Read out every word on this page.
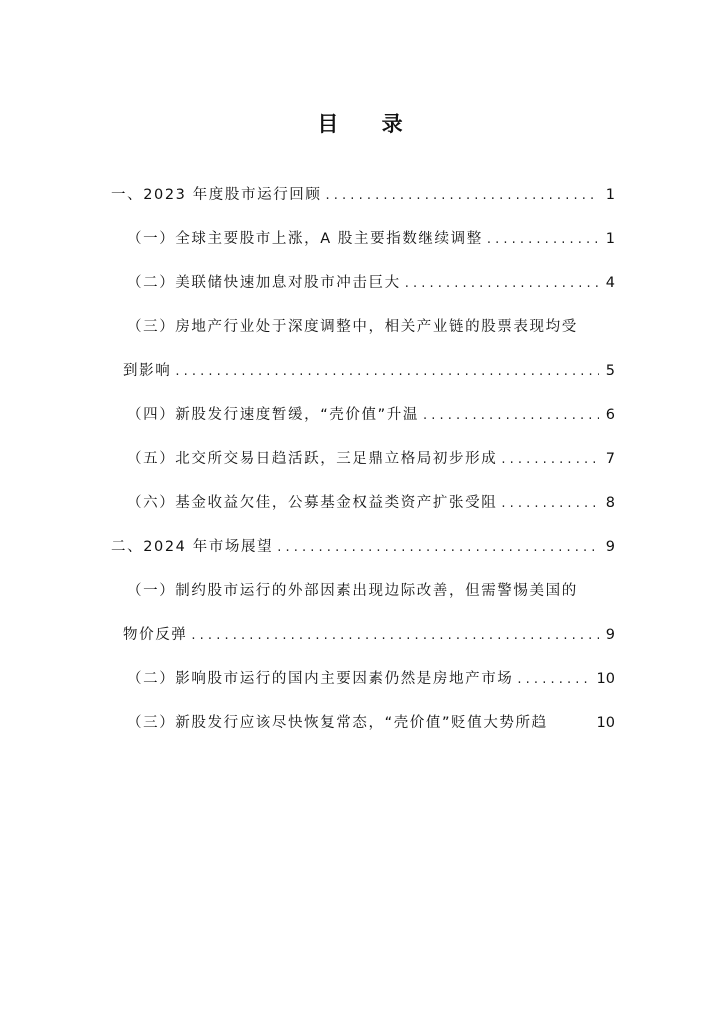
目 录
一、2023 年度股市运行回顾 . . .	1
（一）全球主要股市上涨，A 股主要指数继续调整 . . .	1
（二）美联储快速加息对股市冲击巨大 . . .	4
（三）房地产行业处于深度调整中，相关产业链的股票表现均受
到影响 . . .	5
（四）新股发行速度暂缓，“壳价值”升温 . . .	6
（五）北交所交易日趋活跃，三足鼎立格局初步形成 . . .	7
（六）基金收益欠佳，公募基金权益类资产扩张受阻 . . .	8
二、2024 年市场展望 . . .	9
（一）制约股市运行的外部因素出现边际改善，但需警惕美国的
物价反弹 . . .	9
（二）影响股市运行的国内主要因素仍然是房地产市场 . . .	10
（三）新股发行应该尽快恢复常态，“壳价值”贬值大势所趋	10
